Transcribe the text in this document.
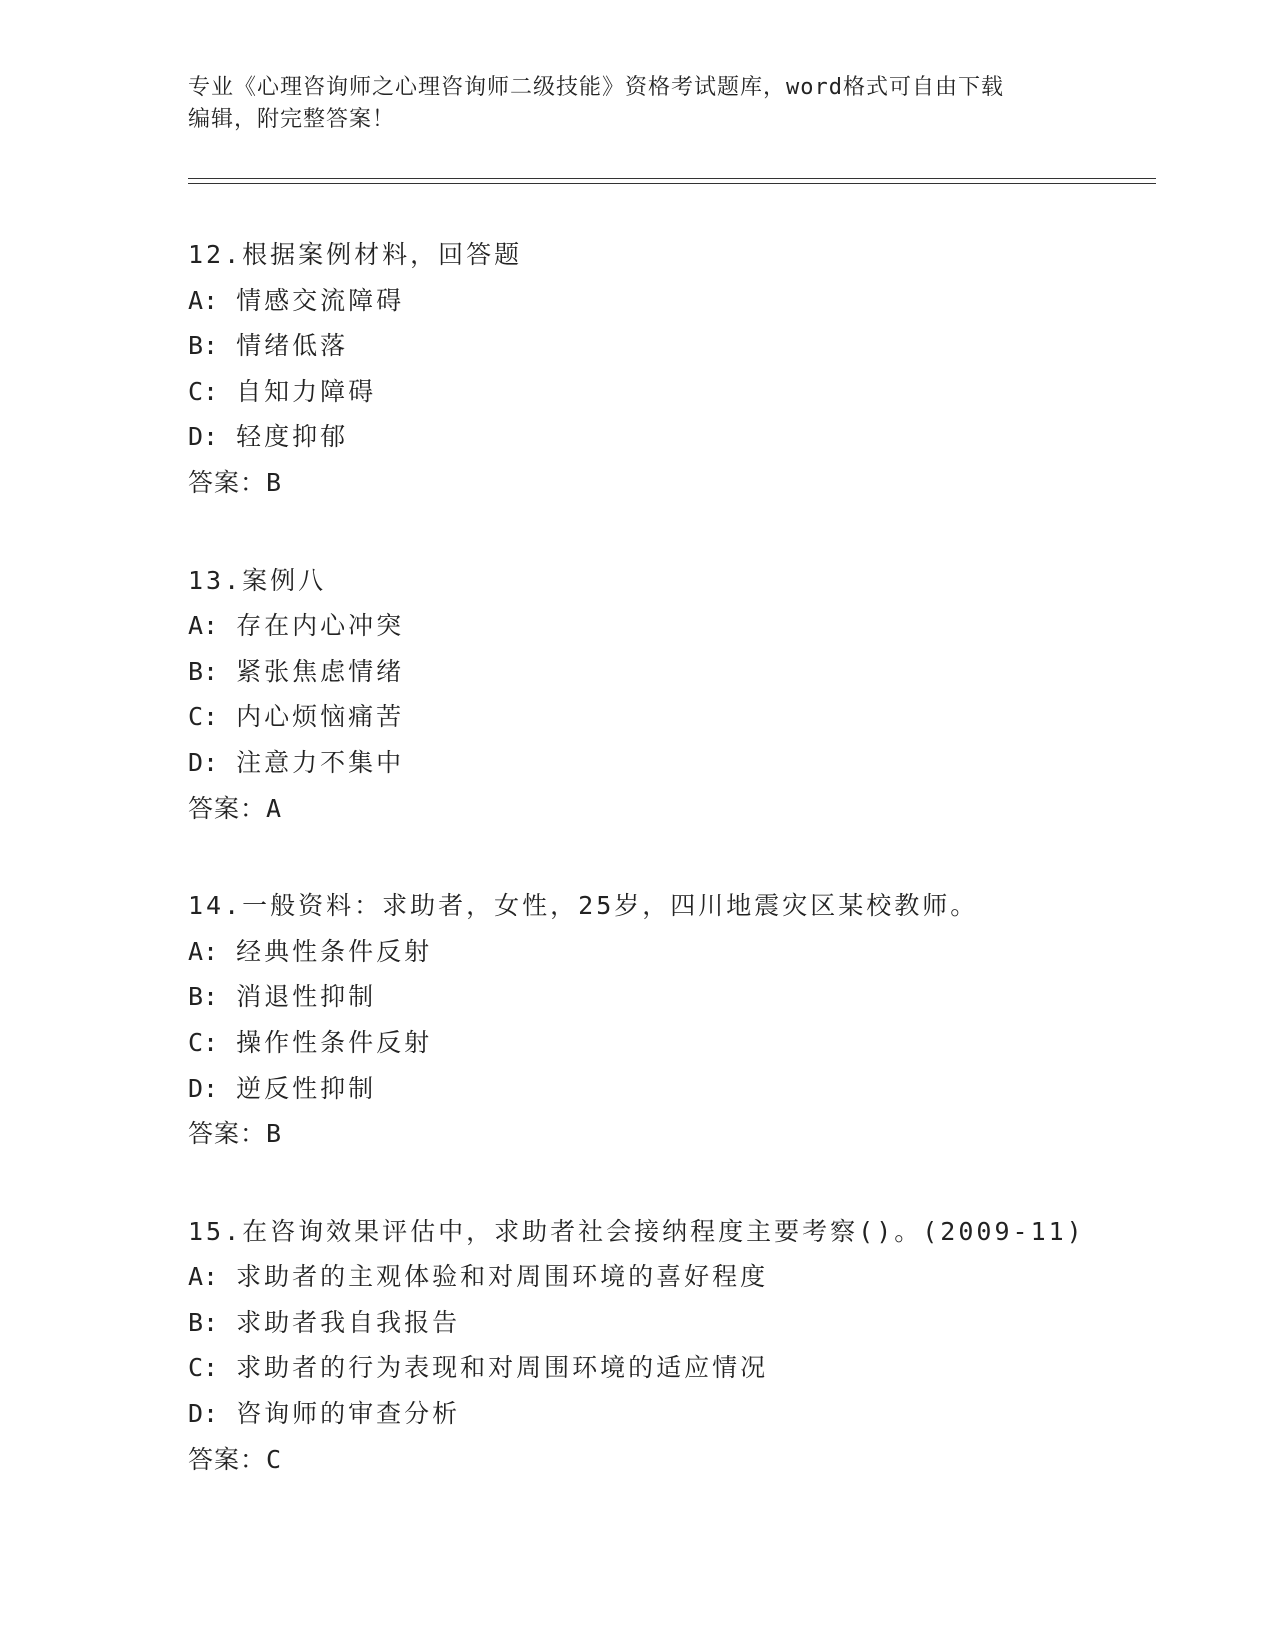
专业《心理咨询师之心理咨询师二级技能》资格考试题库，word格式可自由下载
编辑，附完整答案！
12.根据案例材料，回答题
A: 情感交流障碍
B: 情绪低落
C: 自知力障碍
D: 轻度抑郁
答案：B
13.案例八
A: 存在内心冲突
B: 紧张焦虑情绪
C: 内心烦恼痛苦
D: 注意力不集中
答案：A
14.一般资料：求助者，女性，25岁，四川地震灾区某校教师。
A: 经典性条件反射
B: 消退性抑制
C: 操作性条件反射
D: 逆反性抑制
答案：B
15.在咨询效果评估中，求助者社会接纳程度主要考察()。(2009-11)
A: 求助者的主观体验和对周围环境的喜好程度
B: 求助者我自我报告
C: 求助者的行为表现和对周围环境的适应情况
D: 咨询师的审查分析
答案：C
